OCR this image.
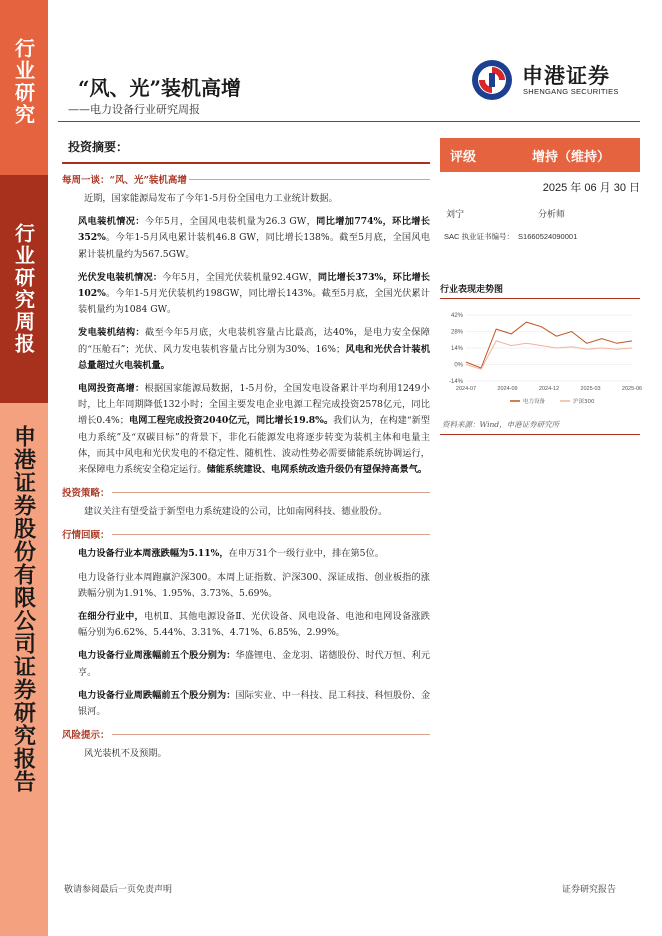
行业研究
行业研究周报
申港证券股份有限公司证券研究报告
“风、光”装机高增
——电力设备行业研究周报
申港证券
SHENGANG SECURITIES
投资摘要：
每周一谈：“风、光”装机高增

近期，国家能源局发布了今年1-5月份全国电力工业统计数据。

风电装机情况：今年5月，全国风电装机量为26.3 GW，同比增加774%，环比增长352%。今年1-5月风电累计装机46.8 GW，同比增长138%。截至5月底，全国风电累计装机量约为567.5GW。

光伏发电装机情况：今年5月，全国光伏装机量92.4GW，同比增长373%，环比增长102%。今年1-5月光伏装机约198GW，同比增长143%。截至5月底，全国光伏累计装机量约为1084 GW。

发电装机结构：截至今年5月底，火电装机容量占比最高，达40%，是电力安全保障的“压舱石”；光伏、风力发电装机容量占比分别为30%、16%；风电和光伏合计装机总量超过火电装机量。

电网投资高增：根据国家能源局数据，1-5月份，全国发电设备累计平均利用1249小时，比上年同期降低132小时；全国主要发电企业电源工程完成投资2578亿元，同比增长0.4%；电网工程完成投资2040亿元，同比增长19.8%。我们认为，在构建“新型电力系统”及“双碳目标”的背景下，非化石能源发电将逐步转变为装机主体和电量主体，而其中风电和光伏发电的不稳定性、随机性、波动性势必需要储能系统协调运行，来保障电力系统安全稳定运行。储能系统建设、电网系统改造升级仍有望保持高景气。

投资策略：

建议关注有望受益于新型电力系统建设的公司，比如南网科技、德业股份。

行情回顾：

电力设备行业本周涨跌幅为5.11%，在申万31个一级行业中，排在第5位。

电力设备行业本周跑赢沪深300。本周上证指数、沪深300、深证成指、创业板指的涨跌幅分别为1.91%、1.95%、3.73%、5.69%。

在细分行业中，电机Ⅱ、其他电源设备Ⅱ、光伏设备、风电设备、电池和电网设备涨跌幅分别为6.62%、5.44%、3.31%、4.71%、6.85%、2.99%。

电力设备行业周涨幅前五个股分别为：华盛锂电、金龙羽、诺德股份、时代万恒、利元亨。

电力设备行业周跌幅前五个股分别为：国际实业、中一科技、昆工科技、科恒股份、金银河。

风险提示：

风光装机不及预期。

评级	增持（维持）
2025 年 06 月 30 日
刘宁	分析师
SAC 执业证书编号： S1660524090001
行业表现走势图
42%
28%
14%
0%
-14%
2024-07	2024-09	2024-12	2025-03	2025-06
电力设备	沪深300
资料来源：Wind，申港证券研究所
敬请参阅最后一页免责声明	证券研究报告
